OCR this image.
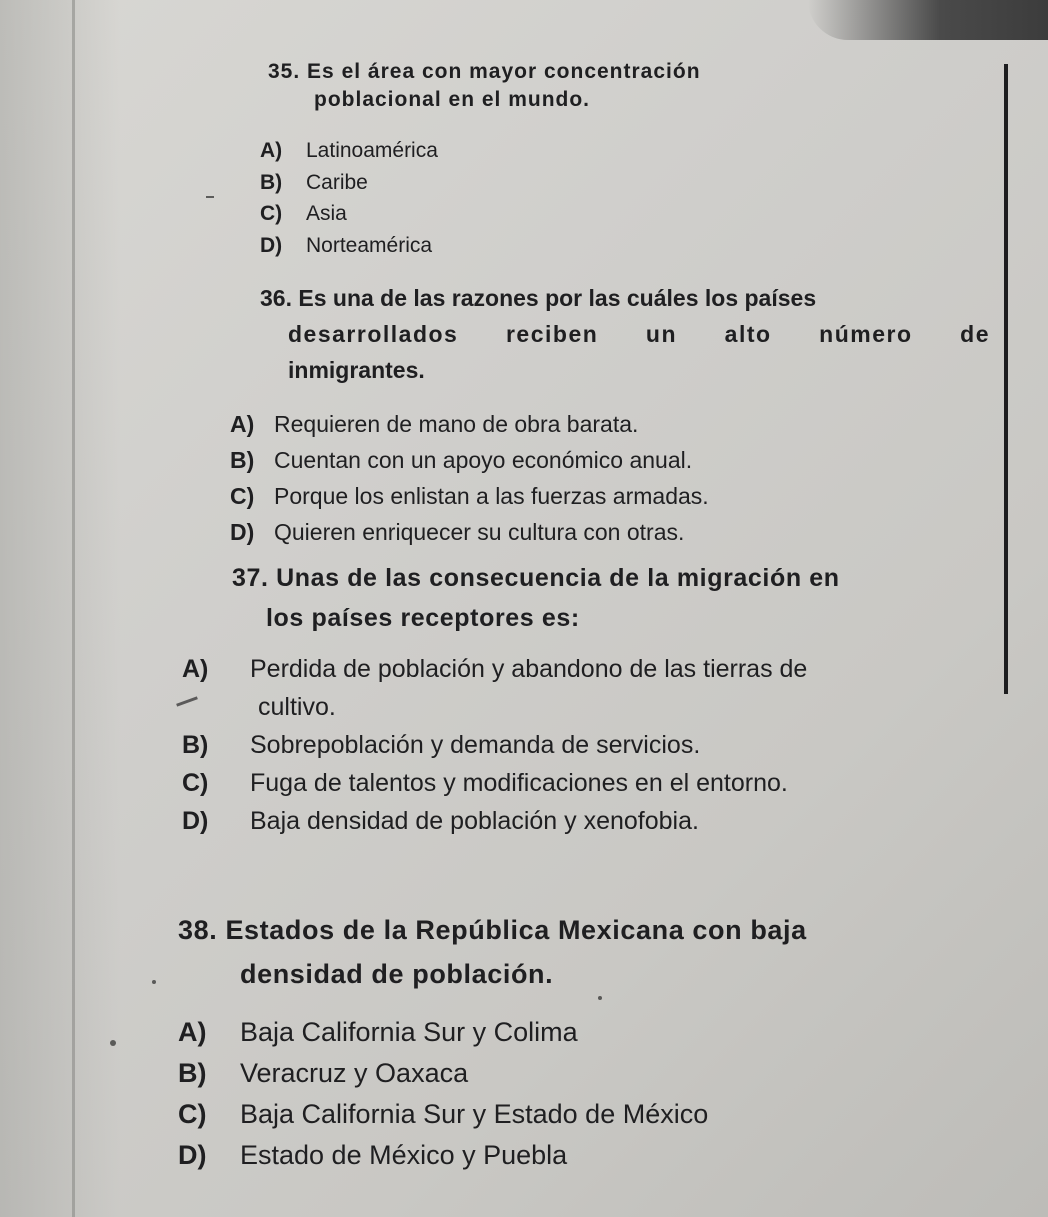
35. Es el área con mayor concentración
poblacional en el mundo.

A)	Latinoamérica
B)	Caribe
C)	Asia
D)	Norteamérica

36. Es una de las razones por las cuáles los países
desarrollados reciben un alto número de
inmigrantes.

A) Requieren de mano de obra barata.
B) Cuentan con un apoyo económico anual.
C) Porque los enlistan a las fuerzas armadas.
D) Quieren enriquecer su cultura con otras.

37. Unas de las consecuencia de la migración en
los países receptores es:

A)	Perdida de población y abandono de las tierras de
cultivo.
B)	Sobrepoblación y demanda de servicios.
C)	Fuga de talentos y modificaciones en el entorno.
D)	Baja densidad de población y xenofobia.

38. Estados de la República Mexicana con baja
densidad de población.

A)	Baja California Sur y Colima
B)	Veracruz y Oaxaca
C)	Baja California Sur y Estado de México
D)	Estado de México y Puebla
